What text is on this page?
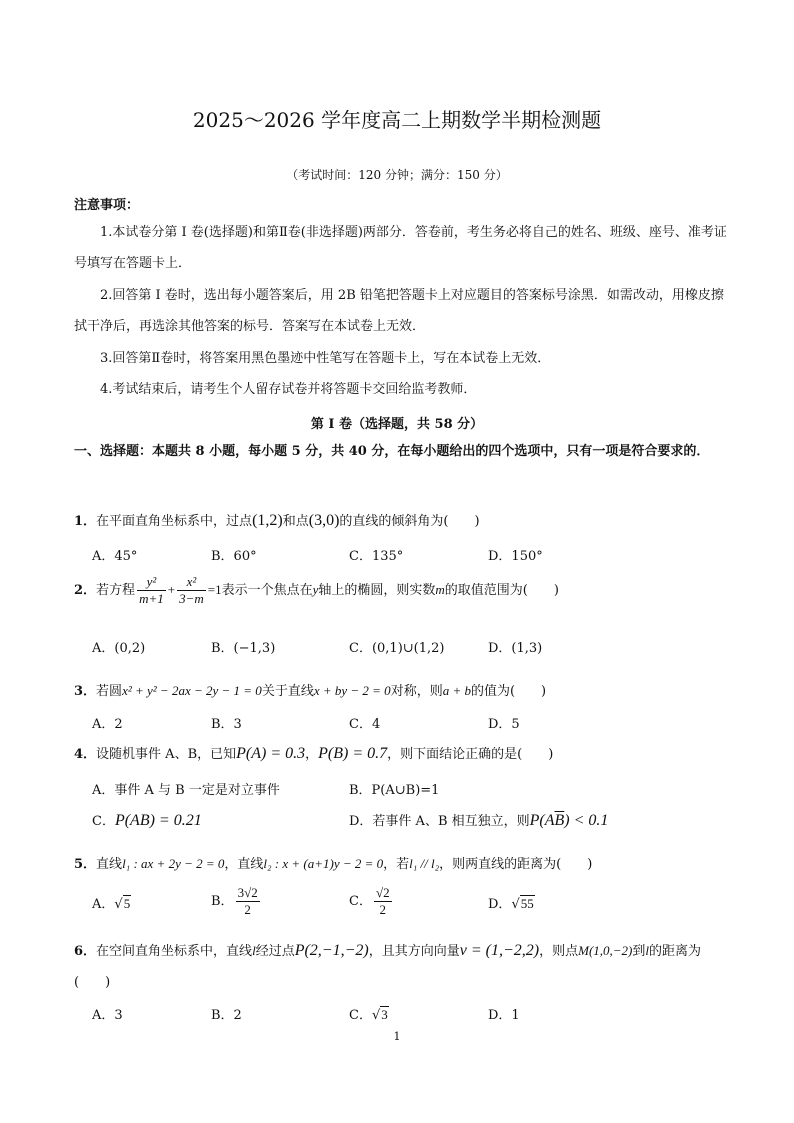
2025～2026 学年度高二上期数学半期检测题
（考试时间：120 分钟；满分：150 分）
注意事项：
1.本试卷分第 Ⅰ 卷(选择题)和第Ⅱ卷(非选择题)两部分．答卷前，考生务必将自己的姓名、班级、座号、准考证号填写在答题卡上．
2.回答第 I 卷时，选出每小题答案后，用 2B 铅笔把答题卡上对应题目的答案标号涂黑．如需改动，用橡皮擦拭干净后，再选涂其他答案的标号．答案写在本试卷上无效．
3.回答第Ⅱ卷时，将答案用黑色墨迹中性笔写在答题卡上，写在本试卷上无效．
4.考试结束后，请考生个人留存试卷并将答题卡交回给监考教师．
第 I 卷（选择题，共 58 分）
一、选择题：本题共 8 小题，每小题 5 分，共 40 分，在每小题给出的四个选项中，只有一项是符合要求的．
1．在平面直角坐标系中，过点(1,2)和点(3,0)的直线的倾斜角为(　　)
A．45°	B．60°	C．135°	D．150°
2．若方程 $\frac{\text{y²}}{m+1} + \frac{\text{x²}}{3-m} =1$表示一个焦点在y轴上的椭圆，则实数m的取值范围为(　　)
A．(0,2)	B．(−1,3)	C．(0,1)∪(1,2)	D．(1,3)
3．若圆x² + y² − 2ax − 2y − 1 = 0关于直线x + by − 2 = 0对称，则a + b的值为(　　)
A．2	B．3	C．4	D．5
4．设随机事件 A、B，已知P(A) = 0.3，P(B) = 0.7，则下面结论正确的是(　　)
A．事件 A 与 B 一定是对立事件	B．P(A∪B)=1
C．P(AB) = 0.21	D．若事件 A、B 相互独立，则$P(A\overline{B}) < 0.1$
5．直线l₁ : ax + 2y − 2 = 0，直线l₂ : x + (a+1)y − 2 = 0，若l₁ // l₂，则两直线的距离为(　　)
A．√5	B． $\frac{3√2}{2}$	C． $\frac{√2}{2}$	D．√55
6．在空间直角坐标系中，直线l经过点P(2,−1,−2)，且其方向向量v = (1,−2,2)，则点M(1,0,−2)到l的距离为(　　)
A．3	B．2	C．√3	D．1
1
